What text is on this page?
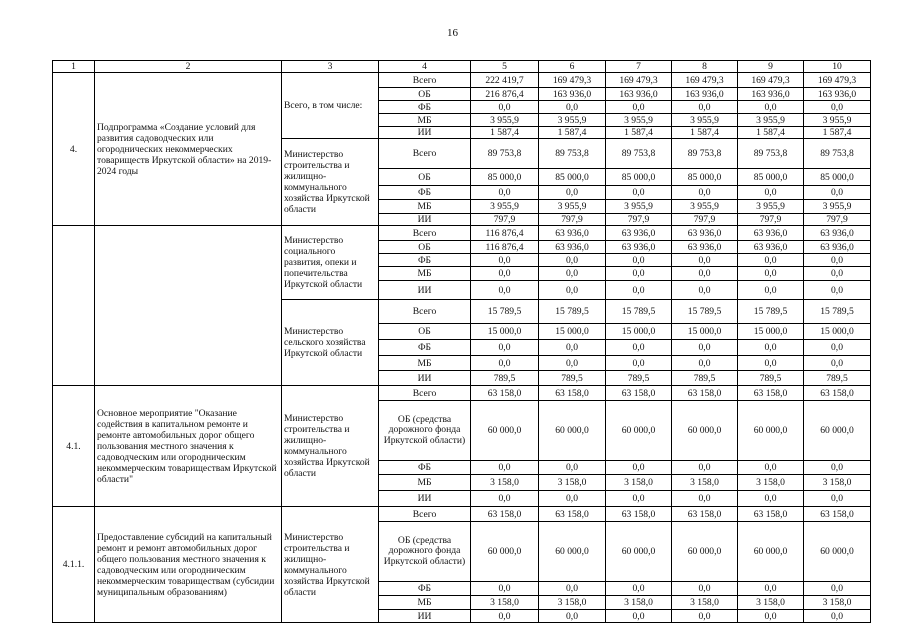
16
1	2	3	4	5	6	7	8	9	10
4.	Подпрограмма «Создание условий для развития садоводческих или огороднических некоммерческих товариществ Иркутской области» на 2019-2024 годы	Всего, в том числе:	Всего	222 419,7	169 479,3	169 479,3	169 479,3	169 479,3	169 479,3
			ОБ	216 876,4	163 936,0	163 936,0	163 936,0	163 936,0	163 936,0
			ФБ	0,0	0,0	0,0	0,0	0,0	0,0
			МБ	3 955,9	3 955,9	3 955,9	3 955,9	3 955,9	3 955,9
			ИИ	1 587,4	1 587,4	1 587,4	1 587,4	1 587,4	1 587,4
		Министерство строительства и жилищно-коммунального хозяйства Иркутской области	Всего	89 753,8	89 753,8	89 753,8	89 753,8	89 753,8	89 753,8
			ОБ	85 000,0	85 000,0	85 000,0	85 000,0	85 000,0	85 000,0
			ФБ	0,0	0,0	0,0	0,0	0,0	0,0
			МБ	3 955,9	3 955,9	3 955,9	3 955,9	3 955,9	3 955,9
			ИИ	797,9	797,9	797,9	797,9	797,9	797,9
		Министерство социального развития, опеки и попечительства Иркутской области	Всего	116 876,4	63 936,0	63 936,0	63 936,0	63 936,0	63 936,0
			ОБ	116 876,4	63 936,0	63 936,0	63 936,0	63 936,0	63 936,0
			ФБ	0,0	0,0	0,0	0,0	0,0	0,0
			МБ	0,0	0,0	0,0	0,0	0,0	0,0
			ИИ	0,0	0,0	0,0	0,0	0,0	0,0
		Министерство сельского хозяйства Иркутской области	Всего	15 789,5	15 789,5	15 789,5	15 789,5	15 789,5	15 789,5
			ОБ	15 000,0	15 000,0	15 000,0	15 000,0	15 000,0	15 000,0
			ФБ	0,0	0,0	0,0	0,0	0,0	0,0
			МБ	0,0	0,0	0,0	0,0	0,0	0,0
			ИИ	789,5	789,5	789,5	789,5	789,5	789,5
4.1.	Основное мероприятие "Оказание содействия в капитальном ремонте и ремонте автомобильных дорог общего пользования местного значения к садоводческим или огородническим некоммерческим товариществам Иркутской области"	Министерство строительства и жилищно-коммунального хозяйства Иркутской области	Всего	63 158,0	63 158,0	63 158,0	63 158,0	63 158,0	63 158,0
			ОБ (средства дорожного фонда Иркутской области)	60 000,0	60 000,0	60 000,0	60 000,0	60 000,0	60 000,0
			ФБ	0,0	0,0	0,0	0,0	0,0	0,0
			МБ	3 158,0	3 158,0	3 158,0	3 158,0	3 158,0	3 158,0
			ИИ	0,0	0,0	0,0	0,0	0,0	0,0
4.1.1.	Предоставление субсидий на капитальный ремонт и ремонт автомобильных дорог общего пользования местного значения к садоводческим или огородническим некоммерческим товариществам (субсидии муниципальным образованиям)	Министерство строительства и жилищно-коммунального хозяйства Иркутской области	Всего	63 158,0	63 158,0	63 158,0	63 158,0	63 158,0	63 158,0
			ОБ (средства дорожного фонда Иркутской области)	60 000,0	60 000,0	60 000,0	60 000,0	60 000,0	60 000,0
			ФБ	0,0	0,0	0,0	0,0	0,0	0,0
			МБ	3 158,0	3 158,0	3 158,0	3 158,0	3 158,0	3 158,0
			ИИ	0,0	0,0	0,0	0,0	0,0	0,0
